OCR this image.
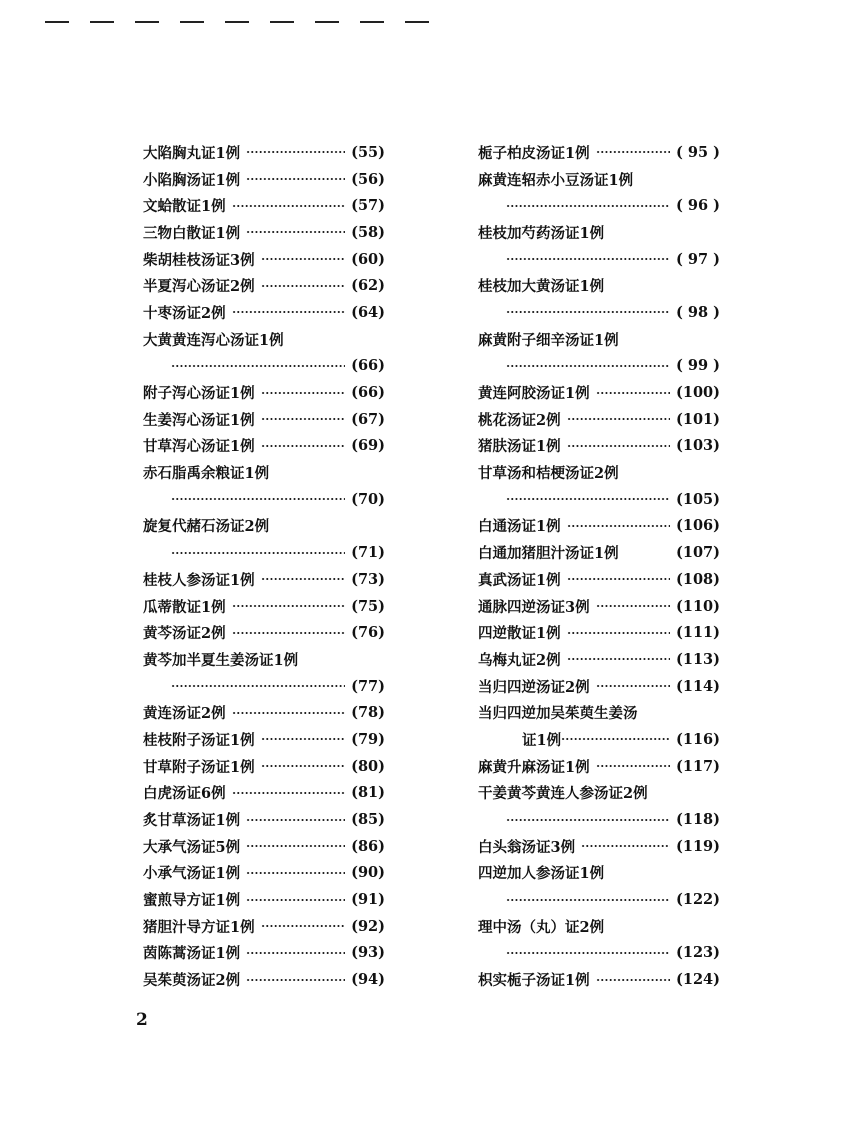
大陷胸丸证1例	(55)
小陷胸汤证1例	(56)
文蛤散证1例	(57)
三物白散证1例	(58)
柴胡桂枝汤证3例	(60)
半夏泻心汤证2例	(62)
十枣汤证2例	(64)
大黄黄连泻心汤证1例
(66)
附子泻心汤证1例	(66)
生姜泻心汤证1例	(67)
甘草泻心汤证1例	(69)
赤石脂禹余粮证1例
(70)
旋复代赭石汤证2例
(71)
桂枝人参汤证1例	(73)
瓜蒂散证1例	(75)
黄芩汤证2例	(76)
黄芩加半夏生姜汤证1例
(77)
黄连汤证2例	(78)
桂枝附子汤证1例	(79)
甘草附子汤证1例	(80)
白虎汤证6例	(81)
炙甘草汤证1例	(85)
大承气汤证5例	(86)
小承气汤证1例	(90)
蜜煎导方证1例	(91)
猪胆汁导方证1例	(92)
茵陈蒿汤证1例	(93)
吴茱萸汤证2例	(94)
栀子柏皮汤证1例	( 95 )
麻黄连轺赤小豆汤证1例
( 96 )
桂枝加芍药汤证1例
( 97 )
桂枝加大黄汤证1例
( 98 )
麻黄附子细辛汤证1例
( 99 )
黄连阿胶汤证1例	(100)
桃花汤证2例	(101)
猪肤汤证1例	(103)
甘草汤和桔梗汤证2例
(105)
白通汤证1例	(106)
白通加猪胆汁汤证1例	(107)
真武汤证1例	(108)
通脉四逆汤证3例	(110)
四逆散证1例	(111)
乌梅丸证2例	(113)
当归四逆汤证2例	(114)
当归四逆加吴茱萸生姜汤
证1例	(116)
麻黄升麻汤证1例	(117)
干姜黄芩黄连人参汤证2例
(118)
白头翁汤证3例	(119)
四逆加人参汤证1例
(122)
理中汤（丸）证2例
(123)
枳实栀子汤证1例	(124)
2
